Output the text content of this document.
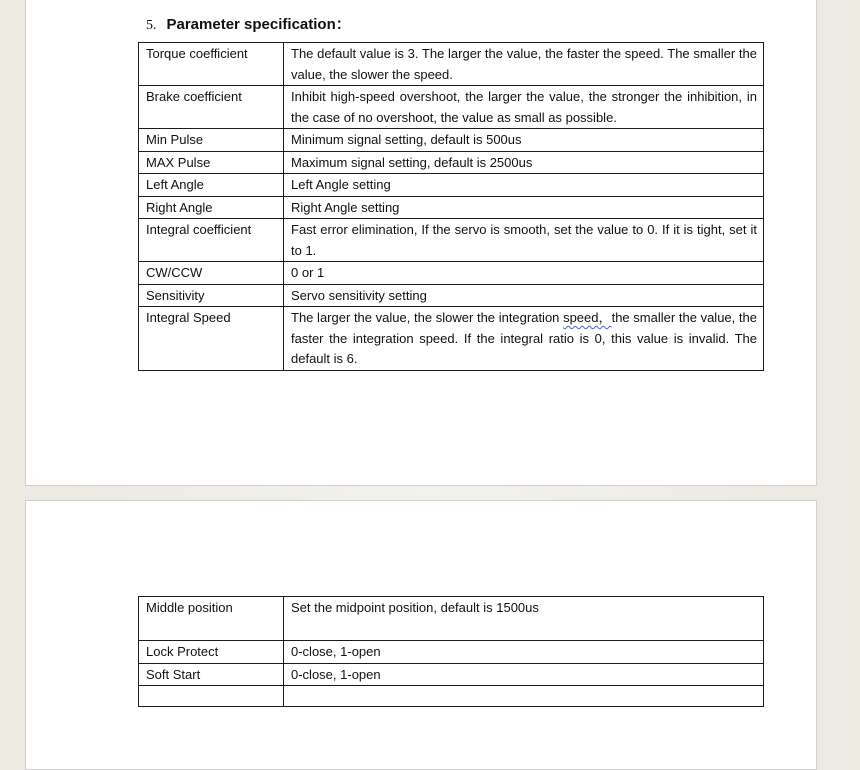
5. Parameter specification：
Torque coefficient	The default value is 3. The larger the value, the faster the speed. The smaller the value, the slower the speed.
Brake coefficient	Inhibit high-speed overshoot, the larger the value, the stronger the inhibition, in the case of no overshoot, the value as small as possible.
Min Pulse	Minimum signal setting, default is 500us
MAX Pulse	Maximum signal setting, default is 2500us
Left Angle	Left Angle setting
Right Angle	Right Angle setting
Integral coefficient	Fast error elimination, If the servo is smooth, set the value to 0. If it is tight, set it to 1.
CW/CCW	0 or 1
Sensitivity	Servo sensitivity setting
Integral Speed	The larger the value, the slower the integration speed，the smaller the value, the faster the integration speed. If the integral ratio is 0, this value is invalid. The default is 6.
Middle position	Set the midpoint position, default is 1500us
Lock Protect	0-close, 1-open
Soft Start	0-close, 1-open
